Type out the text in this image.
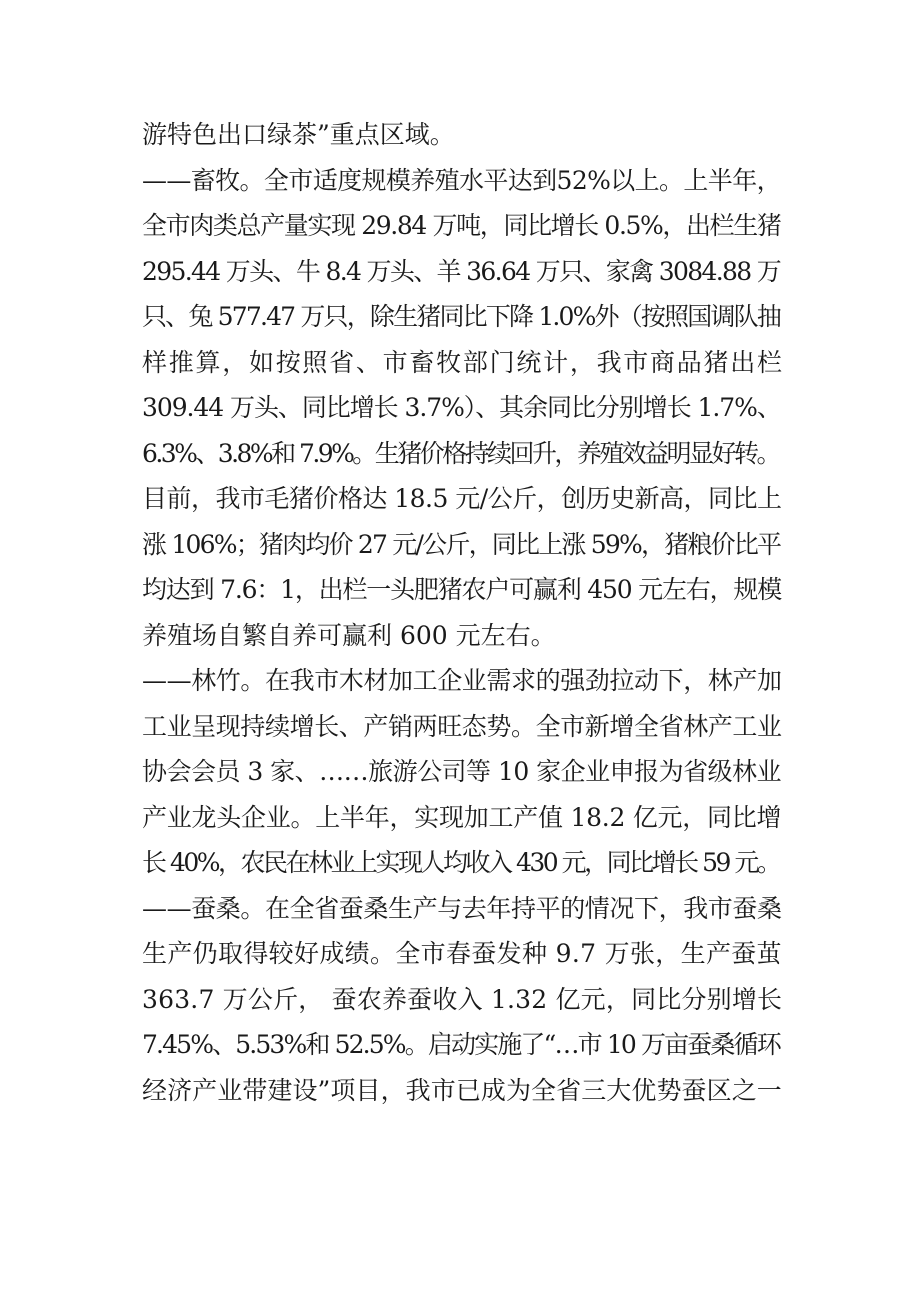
游特色出口绿茶”重点区域。
——畜牧。全市适度规模养殖水平达到52%以上。上半年，
全市肉类总产量实现 29.84 万吨，同比增长 0.5%，出栏生猪
295.44 万头、牛 8.4 万头、羊 36.64 万只、家禽 3084.88 万
只、兔 577.47 万只，除生猪同比下降 1.0%外（按照国调队抽
样推算，如按照省、市畜牧部门统计，我市商品猪出栏
309.44 万头、同比增长 3.7%）、其余同比分别增长 1.7%、
6.3%、3.8%和 7.9%。生猪价格持续回升，养殖效益明显好转。
目前，我市毛猪价格达 18.5 元/公斤，创历史新高，同比上
涨 106%；猪肉均价 27 元/公斤，同比上涨 59%，猪粮价比平
均达到 7.6：1，出栏一头肥猪农户可赢利 450 元左右，规模
养殖场自繁自养可赢利 600 元左右。
——林竹。在我市木材加工企业需求的强劲拉动下，林产加
工业呈现持续增长、产销两旺态势。全市新增全省林产工业
协会会员 3 家、……旅游公司等 10 家企业申报为省级林业
产业龙头企业。上半年，实现加工产值 18.2 亿元，同比增
长 40%，农民在林业上实现人均收入 430 元，同比增长 59 元。
——蚕桑。在全省蚕桑生产与去年持平的情况下，我市蚕桑
生产仍取得较好成绩。全市春蚕发种 9.7 万张，生产蚕茧
363.7 万公斤， 蚕农养蚕收入 1.32 亿元，同比分别增长
7.45%、5.53%和 52.5%。启动实施了“…市 10 万亩蚕桑循环
经济产业带建设”项目，我市已成为全省三大优势蚕区之一
